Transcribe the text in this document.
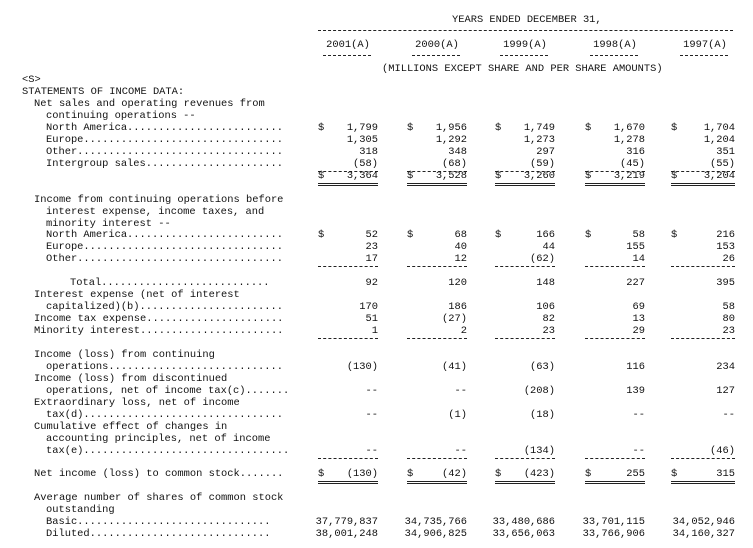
YEARS ENDED DECEMBER 31,
2001(A)	2000(A)	1999(A)	1998(A)	1997(A)
(MILLIONS EXCEPT SHARE AND PER SHARE AMOUNTS)
<S>
STATEMENTS OF INCOME DATA:
Net sales and operating revenues from
continuing operations --
North America.........................	$	1,799	$	1,956	$	1,749	$	1,670	$	1,704
Europe................................	1,305	1,292	1,273	1,278	1,204
Other.................................	318	348	297	316	351
Intergroup sales......................	(58)	(68)	(59)	(45)	(55)
$	3,364	$	3,528	$	3,260	$	3,219	$	3,204
Income from continuing operations before
interest expense, income taxes, and
minority interest --
North America.........................	$	52	$	68	$	166	$	58	$	216
Europe................................	23	40	44	155	153
Other.................................	17	12	(62)	14	26
Total...........................	92	120	148	227	395
Interest expense (net of interest
capitalized)(b).......................	170	186	106	69	58
Income tax expense......................	51	(27)	82	13	80
Minority interest.......................	1	2	23	29	23
Income (loss) from continuing
operations............................	(130)	(41)	(63)	116	234
Income (loss) from discontinued
operations, net of income tax(c).......	--	--	(208)	139	127
Extraordinary loss, net of income
tax(d)................................	--	(1)	(18)	--	--
Cumulative effect of changes in
accounting principles, net of income
tax(e).................................	--	--	(134)	--	(46)
Net income (loss) to common stock.......	$	(130)	$	(42)	$	(423)	$	255	$	315
Average number of shares of common stock
outstanding
Basic...............................	37,779,837	34,735,766 33,480,686	33,701,115	34,052,946
Diluted.............................	38,001,248	34,906,825 33,656,063	33,766,906	34,160,327
